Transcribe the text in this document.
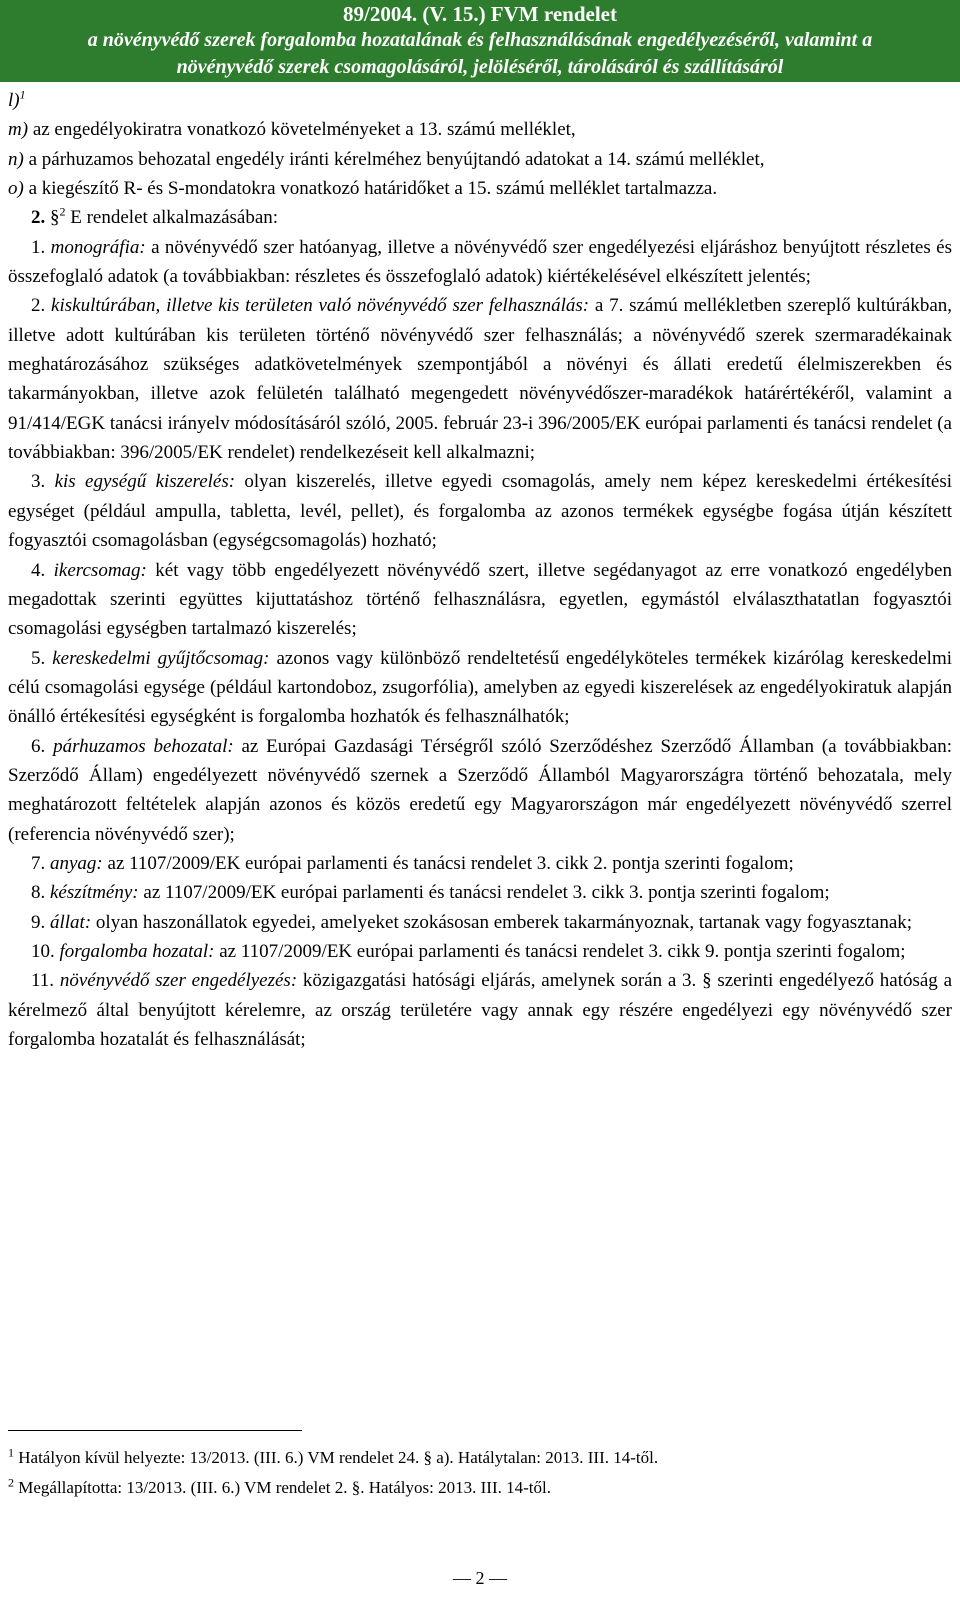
89/2004. (V. 15.) FVM rendelet
a növényvédő szerek forgalomba hozatalának és felhasználásának engedélyezéséről, valamint a
növényvédő szerek csomagolásáról, jelöléséről, tárolásáról és szállításáról

l)$^1$

m) az engedélyokiratra vonatkozó követelményeket a 13. számú melléklet,

n) a párhuzamos behozatal engedély iránti kérelméhez benyújtandó adatokat a 14. számú melléklet,

o) a kiegészítő R- és S-mondatokra vonatkozó határidőket a 15. számú melléklet tartalmazza.

2. §$^2$ E rendelet alkalmazásában:

1. monográfia: a növényvédő szer hatóanyag, illetve a növényvédő szer engedélyezési eljáráshoz benyújtott részletes és összefoglaló adatok (a továbbiakban: részletes és összefoglaló adatok) kiértékelésével elkészített jelentés;

2. kiskultúrában, illetve kis területen való növényvédő szer felhasználás: a 7. számú mellékletben szereplő kultúrákban, illetve adott kultúrában kis területen történő növényvédő szer felhasználás; a növényvédő szerek szermaradékainak meghatározásához szükséges adatkövetelmények szempontjából a növényi és állati eredetű élelmiszerekben és takarmányokban, illetve azok felületén található megengedett növényvédőszer-maradékok határértékéről, valamint a 91/414/EGK tanácsi irányelv módosításáról szóló, 2005. február 23-i 396/2005/EK európai parlamenti és tanácsi rendelet (a továbbiakban: 396/2005/EK rendelet) rendelkezéseit kell alkalmazni;

3. kis egységű kiszerelés: olyan kiszerelés, illetve egyedi csomagolás, amely nem képez kereskedelmi értékesítési egységet (például ampulla, tabletta, levél, pellet), és forgalomba az azonos termékek egységbe fogása útján készített fogyasztói csomagolásban (egységcsomagolás) hozható;

4. ikercsomag: két vagy több engedélyezett növényvédő szert, illetve segédanyagot az erre vonatkozó engedélyben megadottak szerinti együttes kijuttatáshoz történő felhasználásra, egyetlen, egymástól elválaszthatatlan fogyasztói csomagolási egységben tartalmazó kiszerelés;

5. kereskedelmi gyűjtőcsomag: azonos vagy különböző rendeltetésű engedélyköteles termékek kizárólag kereskedelmi célú csomagolási egysége (például kartondoboz, zsugorfólia), amelyben az egyedi kiszerelések az engedélyokiratuk alapján önálló értékesítési egységként is forgalomba hozhatók és felhasználhatók;

6. párhuzamos behozatal: az Európai Gazdasági Térségről szóló Szerződéshez Szerződő Államban (a továbbiakban: Szerződő Állam) engedélyezett növényvédő szernek a Szerződő Államból Magyarországra történő behozatala, mely meghatározott feltételek alapján azonos és közös eredetű egy Magyarországon már engedélyezett növényvédő szerrel (referencia növényvédő szer);

7. anyag: az 1107/2009/EK európai parlamenti és tanácsi rendelet 3. cikk 2. pontja szerinti fogalom;

8. készítmény: az 1107/2009/EK európai parlamenti és tanácsi rendelet 3. cikk 3. pontja szerinti fogalom;

9. állat: olyan haszonállatok egyedei, amelyeket szokásosan emberek takarmányoznak, tartanak vagy fogyasztanak;

10. forgalomba hozatal: az 1107/2009/EK európai parlamenti és tanácsi rendelet 3. cikk 9. pontja szerinti fogalom;

11. növényvédő szer engedélyezés: közigazgatási hatósági eljárás, amelynek során a 3. § szerinti engedélyező hatóság a kérelmező által benyújtott kérelemre, az ország területére vagy annak egy részére engedélyezi egy növényvédő szer forgalomba hozatalát és felhasználását;

$^1$ Hatályon kívül helyezte: 13/2013. (III. 6.) VM rendelet 24. § a). Hatálytalan: 2013. III. 14-től.

$^2$ Megállapította: 13/2013. (III. 6.) VM rendelet 2. §. Hatályos: 2013. III. 14-től.

— 2 —
